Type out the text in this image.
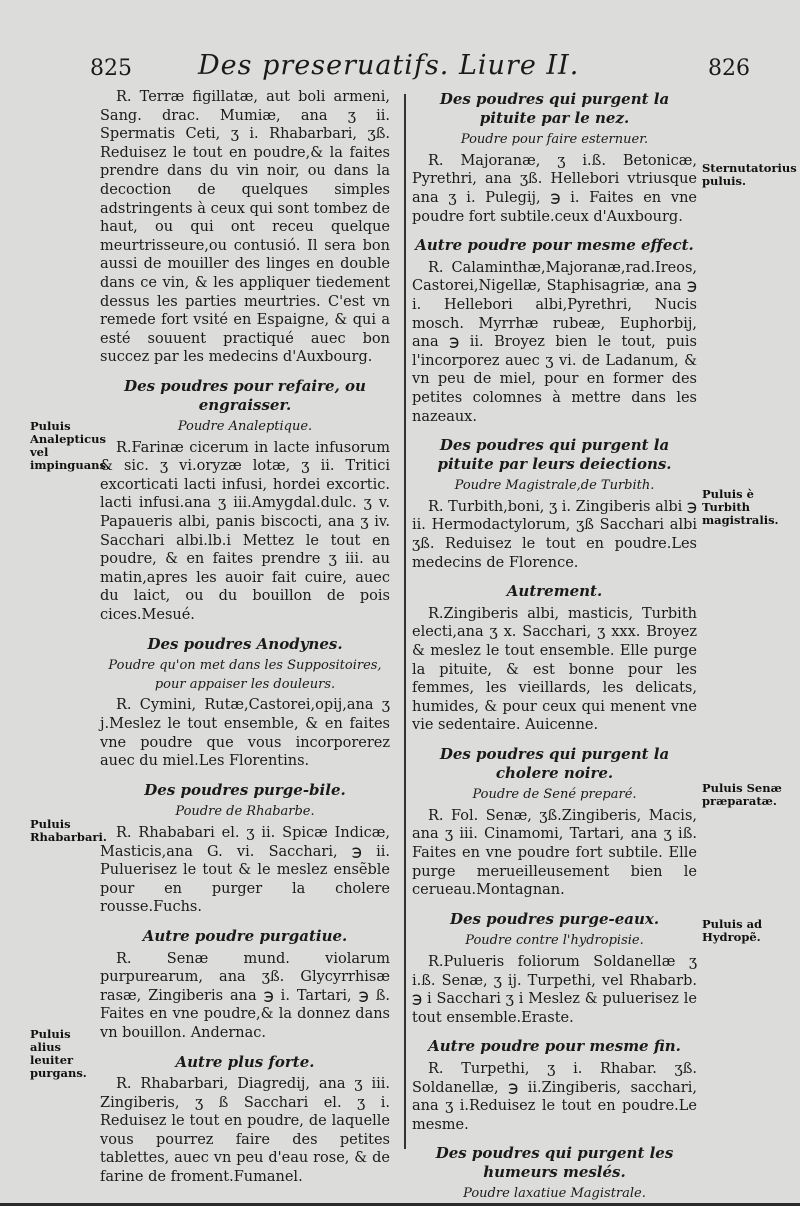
825 Des preseruatifs. Liure II.	826

R. Terræ figillatæ, aut boli armeni, Sang. drac. Mumiæ, ana ʒ ii. Spermatis Ceti, ʒ i. Rhabarbari, ʒß. Reduisez le tout en poudre,& la faites prendre dans du vin noir, ou dans la decoction de quelques simples adstringents à ceux qui sont tombez de haut, ou qui ont receu quelque meurtrisseure,ou contusió. Il sera bon aussi de mouiller des linges en double dans ce vin, & les appliquer tiedement dessus les parties meurtries. C'est vn remede fort vsité en Espaigne, & qui a esté souuent practiqué auec bon succez par les medecins d'Auxbourg.

Des poudres pour refaire, ou engraisser.
Poudre Analeptique.

R.Farinæ cicerum in lacte infusorum & sic. ʒ vi.oryzæ lotæ, ʒ ii. Tritici excorticati lacti infusi, hordei excortic. lacti infusi.ana ʒ iii.Amygdal.dulc. ʒ v. Papaueris albi, panis biscocti, ana ʒ iv. Sacchari albi.lb.i Mettez le tout en poudre, & en faites prendre ʒ iii. au matin,apres les auoir fait cuire, auec du laict, ou du bouillon de pois cices.Mesué.

Des poudres Anodynes.
Poudre qu'on met dans les Suppositoires, pour appaiser les douleurs.

R. Cymini, Rutæ,Castorei,opij,ana ʒ j.Meslez le tout ensemble, & en faites vne poudre que vous incorporerez auec du miel.Les Florentins.

Des poudres purge-bile.
Poudre de Rhabarbe.

R. Rhababari el. ʒ ii. Spicæ Indicæ, Masticis,ana G. vi. Sacchari, ℈ ii. Puluerisez le tout & le meslez ensẽble pour en purger la cholere rousse.Fuchs.

Autre poudre purgatiue.

R. Senæ mund. violarum purpurearum, ana ʒß. Glycyrrhisæ rasæ, Zingiberis ana ℈ i. Tartari, ℈ ß. Faites en vne poudre,& la donnez dans vn bouillon. Andernac.

Autre plus forte.

R. Rhabarbari, Diagredij, ana ʒ iii. Zingiberis, ʒ ß Sacchari el. ʒ i. Reduisez le tout en poudre, de laquelle vous pourrez faire des petites tablettes, auec vn peu d'eau rose, & de farine de froment.Fumanel.

Des poudres qui purgent la pituite par le nez.
Poudre pour faire esternuer.

R. Majoranæ, ʒ i.ß. Betonicæ, Pyrethri, ana ʒß. Hellebori vtriusque ana ʒ i. Pulegij, ℈ i. Faites en vne poudre fort subtile.ceux d'Auxbourg.

Autre poudre pour mesme effect.

R. Calaminthæ,Majoranæ,rad.Ireos, Castorei,Nigellæ, Staphisagriæ, ana ℈ i. Hellebori albi,Pyrethri, Nucis mosch. Myrrhæ rubeæ, Euphorbij, ana ℈ ii. Broyez bien le tout, puis l'incorporez auec ʒ vi. de Ladanum, & vn peu de miel, pour en former des petites colomnes à mettre dans les nazeaux.

Des poudres qui purgent la pituite par leurs deiections.
Poudre Magistrale,de Turbith.

R. Turbith,boni, ʒ i. Zingiberis albi ℈ ii. Hermodactylorum, ʒß Sacchari albi ʒß. Reduisez le tout en poudre.Les medecins de Florence.

Autrement.

R.Zingiberis albi, masticis, Turbith electi,ana ʒ x. Sacchari, ʒ xxx. Broyez & meslez le tout ensemble. Elle purge la pituite, & est bonne pour les femmes, les vieillards, les delicats, humides, & pour ceux qui menent vne vie sedentaire. Auicenne.

Des poudres qui purgent la cholere noire.
Poudre de Sené preparé.

R. Fol. Senæ, ʒß.Zingiberis, Macis, ana ʒ iii. Cinamomi, Tartari, ana ʒ iß. Faites en vne poudre fort subtile. Elle purge merueilleusement bien le cerueau.Montagnan.

Des poudres purge-eaux.
Poudre contre l'hydropisie.

R.Pulueris foliorum Soldanellæ ʒ i.ß. Senæ, ʒ ij. Turpethi, vel Rhabarb. ℈ i Sacchari ʒ i Meslez & puluerisez le tout ensemble.Eraste.

Autre poudre pour mesme fin.

R. Turpethi, ʒ i. Rhabar. ʒß. Soldanellæ, ℈ ii.Zingiberis, sacchari, ana ʒ i.Reduisez le tout en poudre.Le mesme.

Des poudres qui purgent les humeurs meslés.
Poudre laxatiue Magistrale.
Puluis Analepticus vel impinguans.
Puluis Rhabarbari.
Puluis alius leuiter purgans.
Sternutatorius puluis.
Puluis è Turbith magistralis.
Puluis Senæ præparatæ.
Puluis ad Hydropẽ.
